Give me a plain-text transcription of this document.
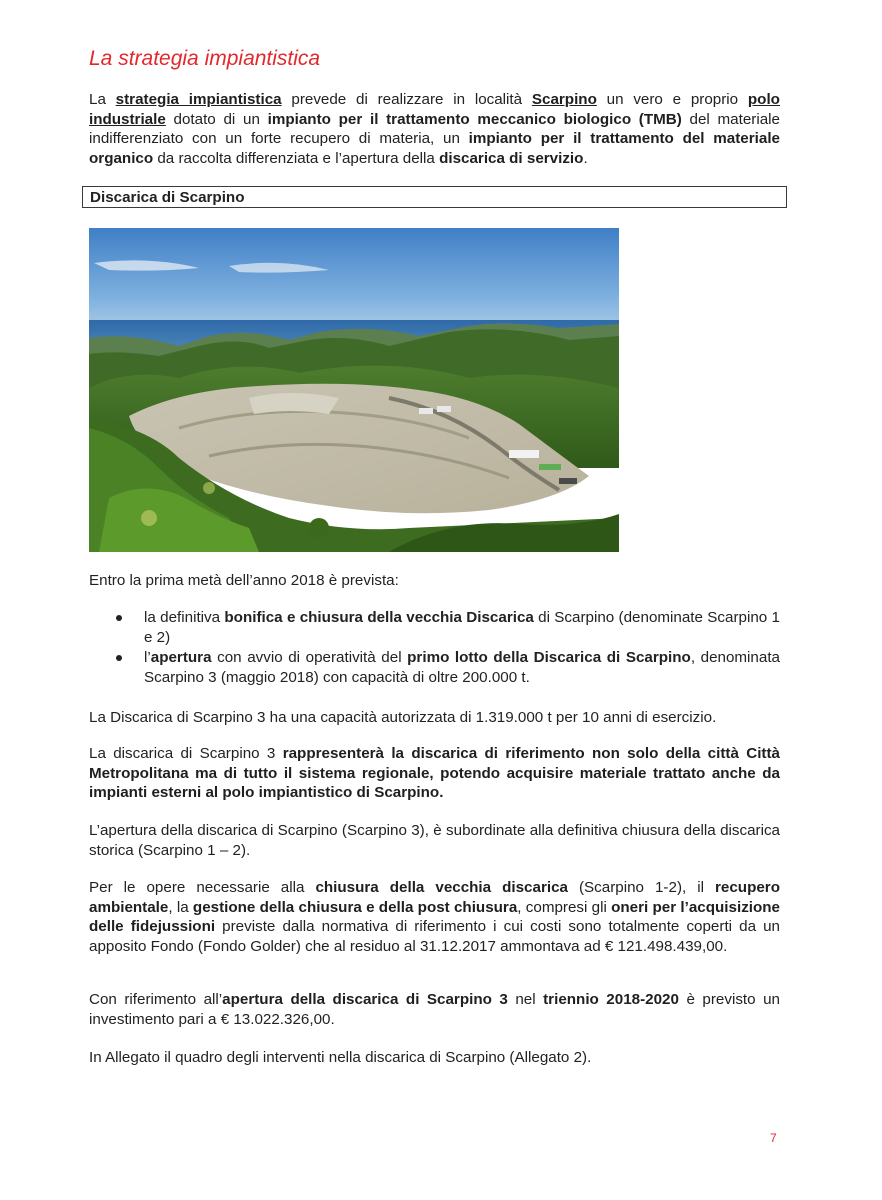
La strategia impiantistica

La strategia impiantistica prevede di realizzare in località Scarpino un vero e proprio polo industriale dotato di un impianto per il trattamento meccanico biologico (TMB) del materiale indifferenziato con un forte recupero di materia, un impianto per il trattamento del materiale organico da raccolta differenziata e l’apertura della discarica di servizio.

Discarica di Scarpino

Entro la prima metà dell’anno 2018 è prevista:

la definitiva bonifica e chiusura della vecchia Discarica di Scarpino (denominate Scarpino 1 e 2)
l’apertura con avvio di operatività del primo lotto della Discarica di Scarpino, denominata Scarpino 3 (maggio 2018) con capacità di oltre 200.000 t.

La Discarica di Scarpino 3 ha una capacità autorizzata di 1.319.000 t per 10 anni di esercizio.

La discarica di Scarpino 3 rappresenterà la discarica di riferimento non solo della città Città Metropolitana ma di tutto il sistema regionale, potendo acquisire materiale trattato anche da impianti esterni al polo impiantistico di Scarpino.

L’apertura della discarica di Scarpino (Scarpino 3), è subordinate alla definitiva chiusura della discarica storica (Scarpino 1 – 2).

Per le opere necessarie alla chiusura della vecchia discarica (Scarpino 1-2), il recupero ambientale, la gestione della chiusura e della post chiusura, compresi gli oneri per l’acquisizione delle fidejussioni previste dalla normativa di riferimento i cui costi sono totalmente coperti da un apposito Fondo (Fondo Golder) che al residuo al 31.12.2017 ammontava ad € 121.498.439,00.

Con riferimento all’apertura della discarica di Scarpino 3 nel triennio 2018-2020 è previsto un investimento pari a € 13.022.326,00.

In Allegato il quadro degli interventi nella discarica di Scarpino (Allegato 2).

7
